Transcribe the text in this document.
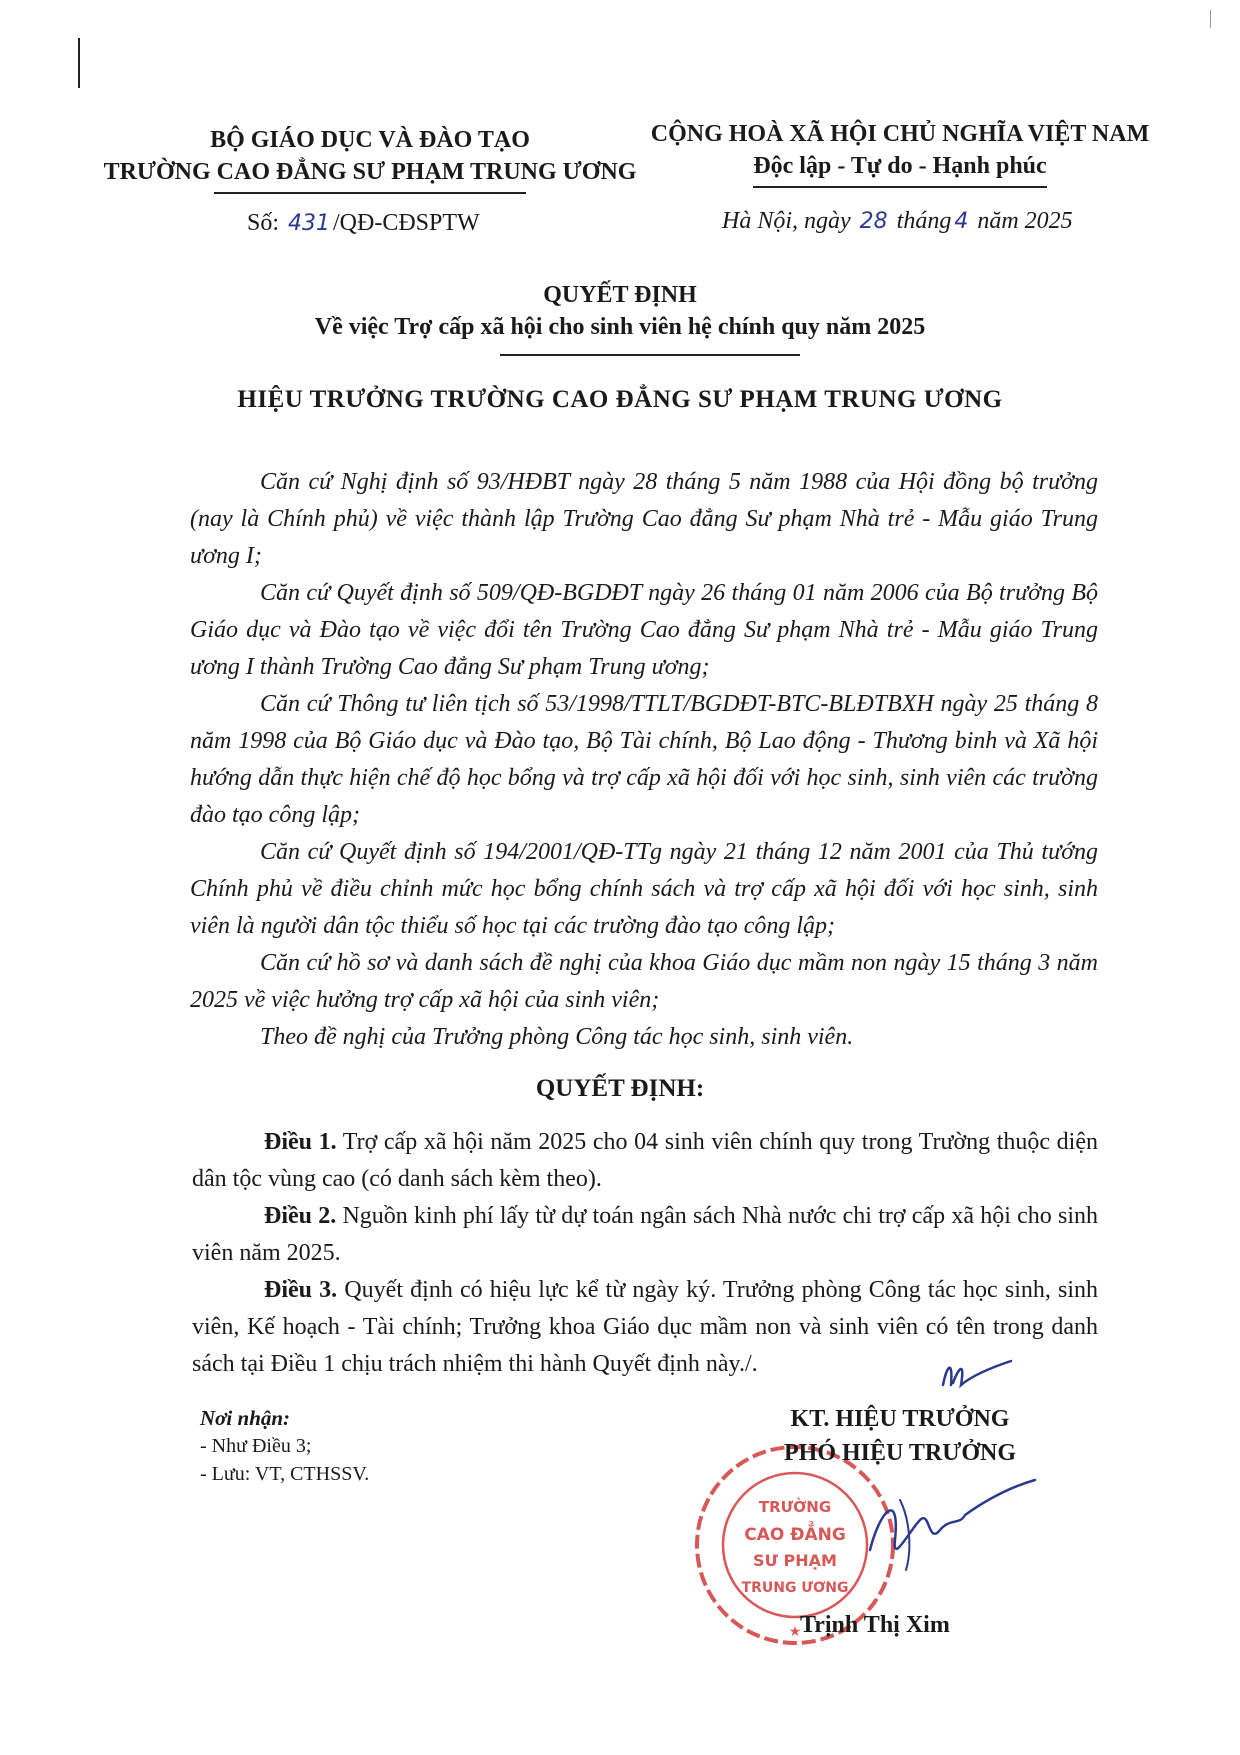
BỘ GIÁO DỤC VÀ ĐÀO TẠO
TRƯỜNG CAO ĐẲNG SƯ PHẠM TRUNG ƯƠNG
CỘNG HOÀ XÃ HỘI CHỦ NGHĨA VIỆT NAM
Độc lập - Tự do - Hạnh phúc
Số: 431 /QĐ-CĐSPTW	Hà Nội, ngày 28 tháng 4 năm 2025
QUYẾT ĐỊNH
Về việc Trợ cấp xã hội cho sinh viên hệ chính quy năm 2025
HIỆU TRƯỞNG TRƯỜNG CAO ĐẲNG SƯ PHẠM TRUNG ƯƠNG

Căn cứ Nghị định số 93/HĐBT ngày 28 tháng 5 năm 1988 của Hội đồng bộ trưởng (nay là Chính phủ) về việc thành lập Trường Cao đẳng Sư phạm Nhà trẻ - Mẫu giáo Trung ương I;

Căn cứ Quyết định số 509/QĐ-BGDĐT ngày 26 tháng 01 năm 2006 của Bộ trưởng Bộ Giáo dục và Đào tạo về việc đổi tên Trường Cao đẳng Sư phạm Nhà trẻ - Mẫu giáo Trung ương I thành Trường Cao đẳng Sư phạm Trung ương;

Căn cứ Thông tư liên tịch số 53/1998/TTLT/BGDĐT-BTC-BLĐTBXH ngày 25 tháng 8 năm 1998 của Bộ Giáo dục và Đào tạo, Bộ Tài chính, Bộ Lao động - Thương binh và Xã hội hướng dẫn thực hiện chế độ học bổng và trợ cấp xã hội đối với học sinh, sinh viên các trường đào tạo công lập;

Căn cứ Quyết định số 194/2001/QĐ-TTg ngày 21 tháng 12 năm 2001 của Thủ tướng Chính phủ về điều chỉnh mức học bổng chính sách và trợ cấp xã hội đối với học sinh, sinh viên là người dân tộc thiểu số học tại các trường đào tạo công lập;

Căn cứ hồ sơ và danh sách đề nghị của khoa Giáo dục mầm non ngày 15 tháng 3 năm 2025 về việc hưởng trợ cấp xã hội của sinh viên;

Theo đề nghị của Trưởng phòng Công tác học sinh, sinh viên.

QUYẾT ĐỊNH:

Điều 1. Trợ cấp xã hội năm 2025 cho 04 sinh viên chính quy trong Trường thuộc diện dân tộc vùng cao (có danh sách kèm theo).

Điều 2. Nguồn kinh phí lấy từ dự toán ngân sách Nhà nước chi trợ cấp xã hội cho sinh viên năm 2025.

Điều 3. Quyết định có hiệu lực kể từ ngày ký. Trưởng phòng Công tác học sinh, sinh viên, Kế hoạch - Tài chính; Trưởng khoa Giáo dục mầm non và sinh viên có tên trong danh sách tại Điều 1 chịu trách nhiệm thi hành Quyết định này./.

Nơi nhận:
- Như Điều 3;
- Lưu: VT, CTHSSV.
TRƯỜNG
CAO ĐẲNG
SƯ PHẠM
TRUNG ƯƠNG
★
KT. HIỆU TRƯỞNG
PHÓ HIỆU TRƯỞNG
Trịnh Thị Xim
